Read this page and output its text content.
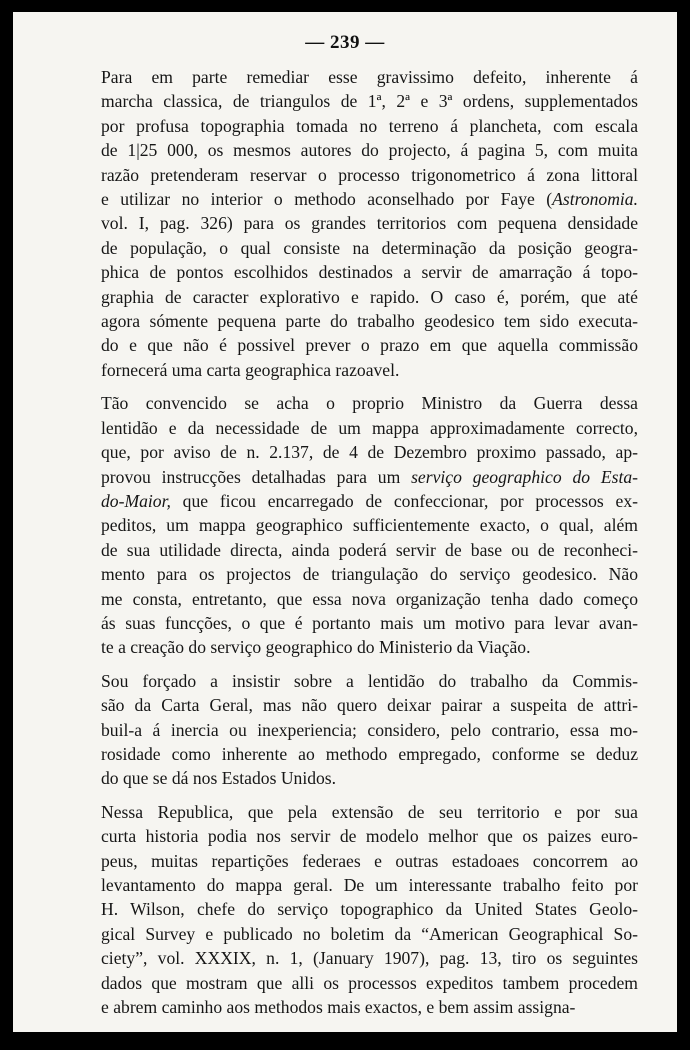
— 239 —
Para em parte remediar esse gravissimo defeito, inherente á
marcha classica, de triangulos de 1ª, 2ª e 3ª ordens, supplementados
por profusa topographia tomada no terreno á plancheta, com escala
de 1|25 000, os mesmos autores do projecto, á pagina 5, com muita
razão pretenderam reservar o processo trigonometrico á zona littoral
e utilizar no interior o methodo aconselhado por Faye (Astronomia.
vol. I, pag. 326) para os grandes territorios com pequena densidade
de população, o qual consiste na determinação da posição geogra-
phica de pontos escolhidos destinados a servir de amarração á topo-
graphia de caracter explorativo e rapido. O caso é, porém, que até
agora sómente pequena parte do trabalho geodesico tem sido executa-
do e que não é possivel prever o prazo em que aquella commissão
fornecerá uma carta geographica razoavel.
Tão convencido se acha o proprio Ministro da Guerra dessa
lentidão e da necessidade de um mappa approximadamente correcto,
que, por aviso de n. 2.137, de 4 de Dezembro proximo passado, ap-
provou instrucções detalhadas para um serviço geographico do Esta-
do-Maior, que ficou encarregado de confeccionar, por processos ex-
peditos, um mappa geographico sufficientemente exacto, o qual, além
de sua utilidade directa, ainda poderá servir de base ou de reconheci-
mento para os projectos de triangulação do serviço geodesico. Não
me consta, entretanto, que essa nova organização tenha dado começo
ás suas funcções, o que é portanto mais um motivo para levar avan-
te a creação do serviço geographico do Ministerio da Viação.
Sou forçado a insistir sobre a lentidão do trabalho da Commis-
são da Carta Geral, mas não quero deixar pairar a suspeita de attri-
buil-a á inercia ou inexperiencia; considero, pelo contrario, essa mo-
rosidade como inherente ao methodo empregado, conforme se deduz
do que se dá nos Estados Unidos.
Nessa Republica, que pela extensão de seu territorio e por sua
curta historia podia nos servir de modelo melhor que os paizes euro-
peus, muitas repartições federaes e outras estadoaes concorrem ao
levantamento do mappa geral. De um interessante trabalho feito por
H. Wilson, chefe do serviço topographico da United States Geolo-
gical Survey e publicado no boletim da “American Geographical So-
ciety”, vol. XXXIX, n. 1, (January 1907), pag. 13, tiro os seguintes
dados que mostram que alli os processos expeditos tambem procedem
e abrem caminho aos methodos mais exactos, e bem assim assigna-
